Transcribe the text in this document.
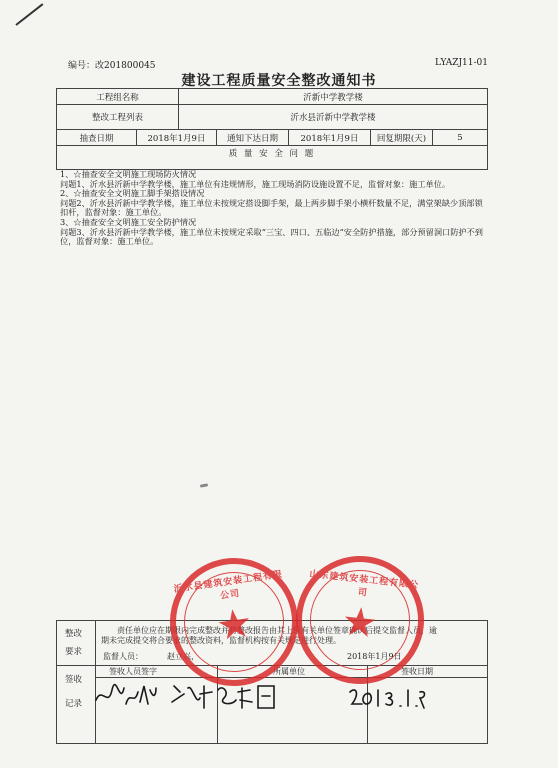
编号：改201800045	LYAZJ11-01
建设工程质量安全整改通知书
工程组名称	沂新中学教学楼
整改工程列表	沂水县沂新中学教学楼
抽查日期	2018年1月9日	通知下达日期	2018年1月9日	回复期限(天)	5
质 量 安 全 问 题
1、☆抽查安全文明施工现场防火情况
问题1、沂水县沂新中学教学楼，施工单位有违规情形，施工现场消防设施设置不足，监督对象：施工单位。
2、☆抽查安全文明施工脚手架搭设情况
问题2、沂水县沂新中学教学楼，施工单位未按规定搭设脚手架，最上两步脚手架小横杆数量不足，满堂架缺少顶部锁扣杆，监督对象：施工单位。
3、☆抽查安全文明施工安全防护情况
问题3、沂水县沂新中学教学楼，施工单位未按规定采取“三宝、四口、五临边”安全防护措施，部分预留洞口防护不到位，监督对象：施工单位。
整改
要求
责任单位应在期限内完成整改并将整改报告由其上级有关单位签章确认后提交监督人员，逾
期未完成提交将合要求的整改资料，监督机构按有关规定进行处理。
监督人员：	赵立兴，	2018年1月9日
签收
记录
签收人员签字	所属单位	签收日期
沂水县建筑安装工程有限公司
★
山东建筑安装工程有限公司
★
